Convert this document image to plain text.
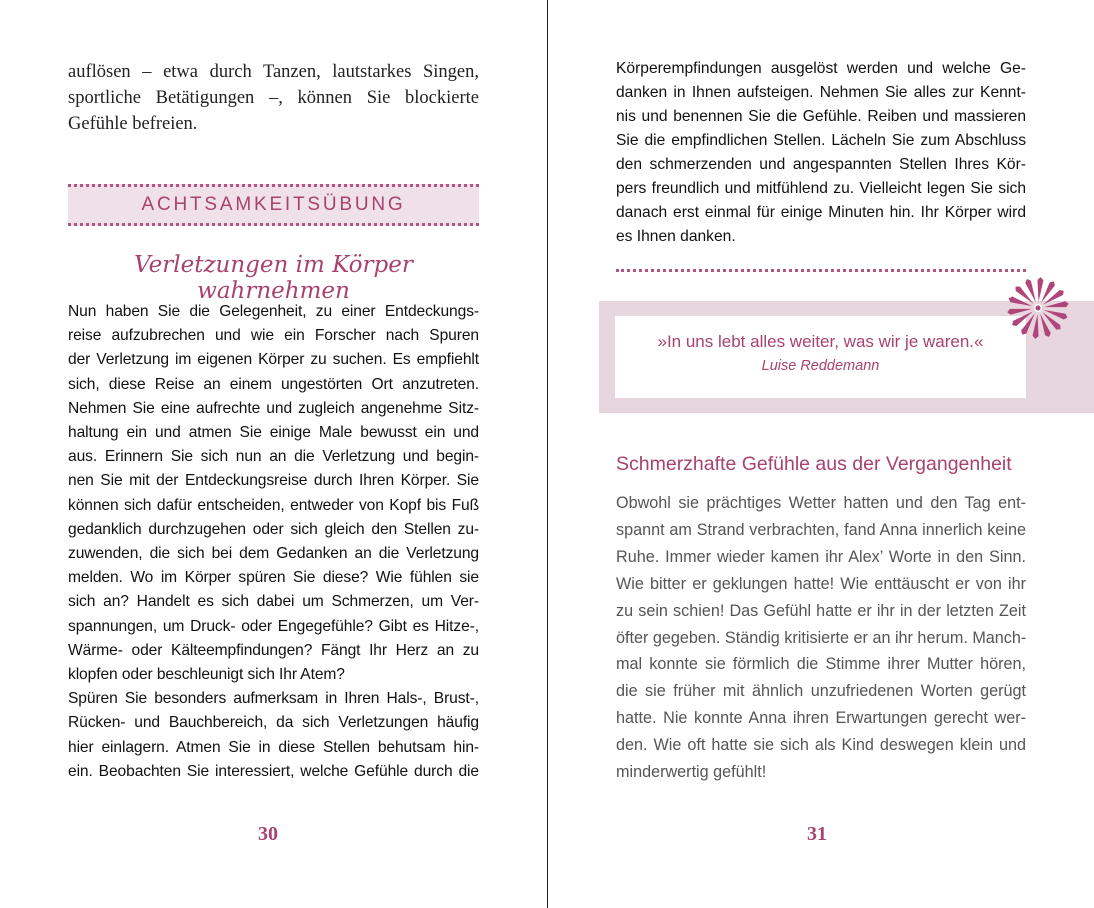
auflösen – etwa durch Tanzen, lautstarkes Singen,
sportliche Betätigungen –, können Sie blockierte
Gefühle befreien.
ACHTSAMKEITSÜBUNG
Verletzungen im Körper wahrnehmen
Nun haben Sie die Gelegenheit, zu einer Entdeckungs-
reise aufzubrechen und wie ein Forscher nach Spuren
der Verletzung im eigenen Körper zu suchen. Es empfiehlt
sich, diese Reise an einem ungestörten Ort anzutreten.
Nehmen Sie eine aufrechte und zugleich angenehme Sitz-
haltung ein und atmen Sie einige Male bewusst ein und
aus. Erinnern Sie sich nun an die Verletzung und begin-
nen Sie mit der Entdeckungsreise durch Ihren Körper. Sie
können sich dafür entscheiden, entweder von Kopf bis Fuß
gedanklich durchzugehen oder sich gleich den Stellen zu-
zuwenden, die sich bei dem Gedanken an die Verletzung
melden. Wo im Körper spüren Sie diese? Wie fühlen sie
sich an? Handelt es sich dabei um Schmerzen, um Ver-
spannungen, um Druck- oder Engegefühle? Gibt es Hitze-,
Wärme- oder Kälteempfindungen? Fängt Ihr Herz an zu
klopfen oder beschleunigt sich Ihr Atem?
Spüren Sie besonders aufmerksam in Ihren Hals-, Brust-,
Rücken- und Bauchbereich, da sich Verletzungen häufig
hier einlagern. Atmen Sie in diese Stellen behutsam hin-
ein. Beobachten Sie interessiert, welche Gefühle durch die
30
Körperempfindungen ausgelöst werden und welche Ge-
danken in Ihnen aufsteigen. Nehmen Sie alles zur Kennt-
nis und benennen Sie die Gefühle. Reiben und massieren
Sie die empfindlichen Stellen. Lächeln Sie zum Abschluss
den schmerzenden und angespannten Stellen Ihres Kör-
pers freundlich und mitfühlend zu. Vielleicht legen Sie sich
danach erst einmal für einige Minuten hin. Ihr Körper wird
es Ihnen danken.
»In uns lebt alles weiter, was wir je waren.«
Luise Reddemann
Schmerzhafte Gefühle aus der Vergangenheit
Obwohl sie prächtiges Wetter hatten und den Tag ent-
spannt am Strand verbrachten, fand Anna innerlich keine
Ruhe. Immer wieder kamen ihr Alex’ Worte in den Sinn.
Wie bitter er geklungen hatte! Wie enttäuscht er von ihr
zu sein schien! Das Gefühl hatte er ihr in der letzten Zeit
öfter gegeben. Ständig kritisierte er an ihr herum. Manch-
mal konnte sie förmlich die Stimme ihrer Mutter hören,
die sie früher mit ähnlich unzufriedenen Worten gerügt
hatte. Nie konnte Anna ihren Erwartungen gerecht wer-
den. Wie oft hatte sie sich als Kind deswegen klein und
minderwertig gefühlt!
31
